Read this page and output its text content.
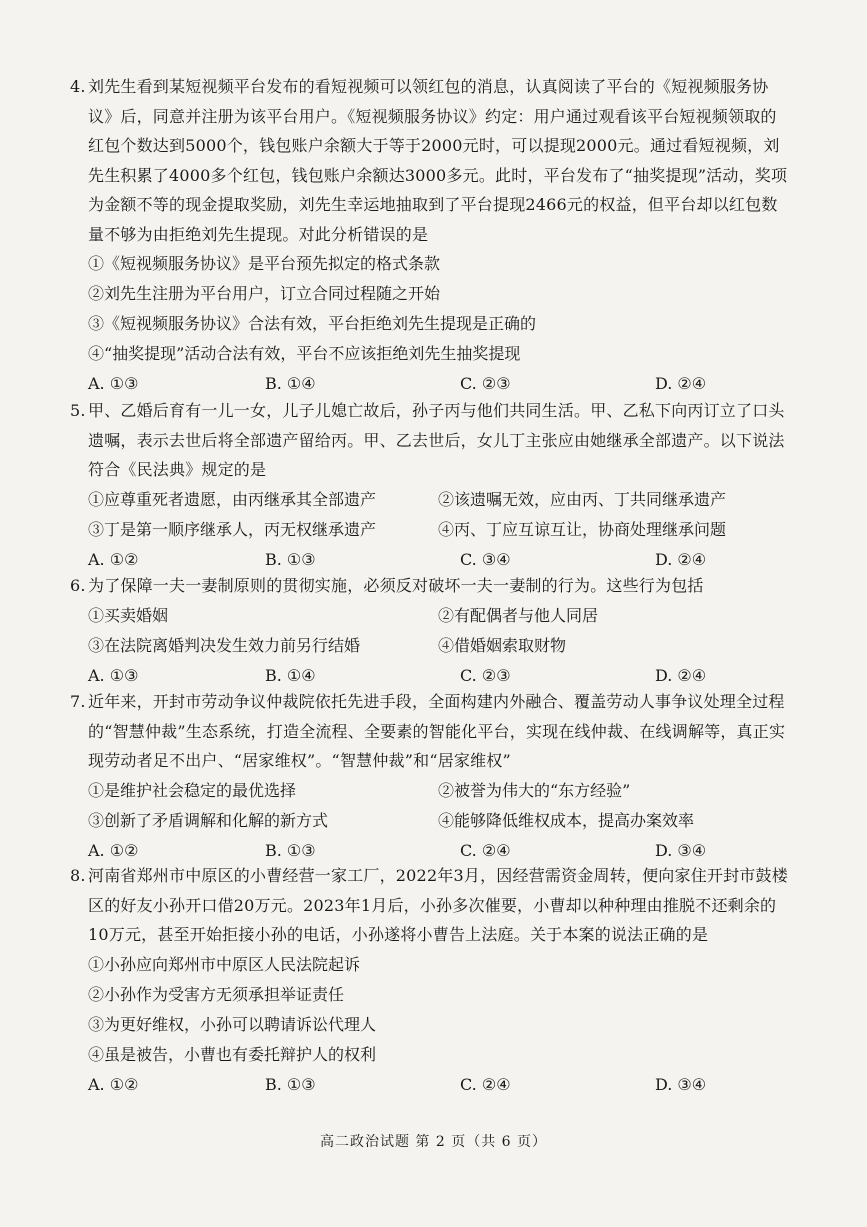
4. 刘先生看到某短视频平台发布的看短视频可以领红包的消息，认真阅读了平台的《短视频服务协议》后，同意并注册为该平台用户。《短视频服务协议》约定：用户通过观看该平台短视频领取的红包个数达到5000个，钱包账户余额大于等于2000元时，可以提现2000元。通过看短视频，刘先生积累了4000多个红包，钱包账户余额达3000多元。此时，平台发布了“抽奖提现”活动，奖项为金额不等的现金提取奖励，刘先生幸运地抽取到了平台提现2466元的权益，但平台却以红包数量不够为由拒绝刘先生提现。对此分析错误的是

①《短视频服务协议》是平台预先拟定的格式条款
②刘先生注册为平台用户，订立合同过程随之开始
③《短视频服务协议》合法有效，平台拒绝刘先生提现是正确的
④“抽奖提现”活动合法有效，平台不应该拒绝刘先生抽奖提现
A. ①③	B. ①④	C. ②③	D. ②④

5. 甲、乙婚后育有一儿一女，儿子儿媳亡故后，孙子丙与他们共同生活。甲、乙私下向丙订立了口头遗嘱，表示去世后将全部遗产留给丙。甲、乙去世后，女儿丁主张应由她继承全部遗产。以下说法符合《民法典》规定的是

①应尊重死者遗愿，由丙继承其全部遗产	②该遗嘱无效，应由丙、丁共同继承遗产
③丁是第一顺序继承人，丙无权继承遗产	④丙、丁应互谅互让，协商处理继承问题
A. ①②	B. ①③	C. ③④	D. ②④

6. 为了保障一夫一妻制原则的贯彻实施，必须反对破坏一夫一妻制的行为。这些行为包括

①买卖婚姻	②有配偶者与他人同居
③在法院离婚判决发生效力前另行结婚	④借婚姻索取财物
A. ①③	B. ①④	C. ②③	D. ②④

7. 近年来，开封市劳动争议仲裁院依托先进手段，全面构建内外融合、覆盖劳动人事争议处理全过程的“智慧仲裁”生态系统，打造全流程、全要素的智能化平台，实现在线仲裁、在线调解等，真正实现劳动者足不出户、“居家维权”。“智慧仲裁”和“居家维权”

①是维护社会稳定的最优选择	②被誉为伟大的“东方经验”
③创新了矛盾调解和化解的新方式	④能够降低维权成本，提高办案效率
A. ①②	B. ①③	C. ②④	D. ③④

8. 河南省郑州市中原区的小曹经营一家工厂，2022年3月，因经营需资金周转，便向家住开封市鼓楼区的好友小孙开口借20万元。2023年1月后，小孙多次催要，小曹却以种种理由推脱不还剩余的10万元，甚至开始拒接小孙的电话，小孙遂将小曹告上法庭。关于本案的说法正确的是

①小孙应向郑州市中原区人民法院起诉
②小孙作为受害方无须承担举证责任
③为更好维权，小孙可以聘请诉讼代理人
④虽是被告，小曹也有委托辩护人的权利
A. ①②	B. ①③	C. ②④	D. ③④
高二政治试题 第 2 页（共 6 页）
